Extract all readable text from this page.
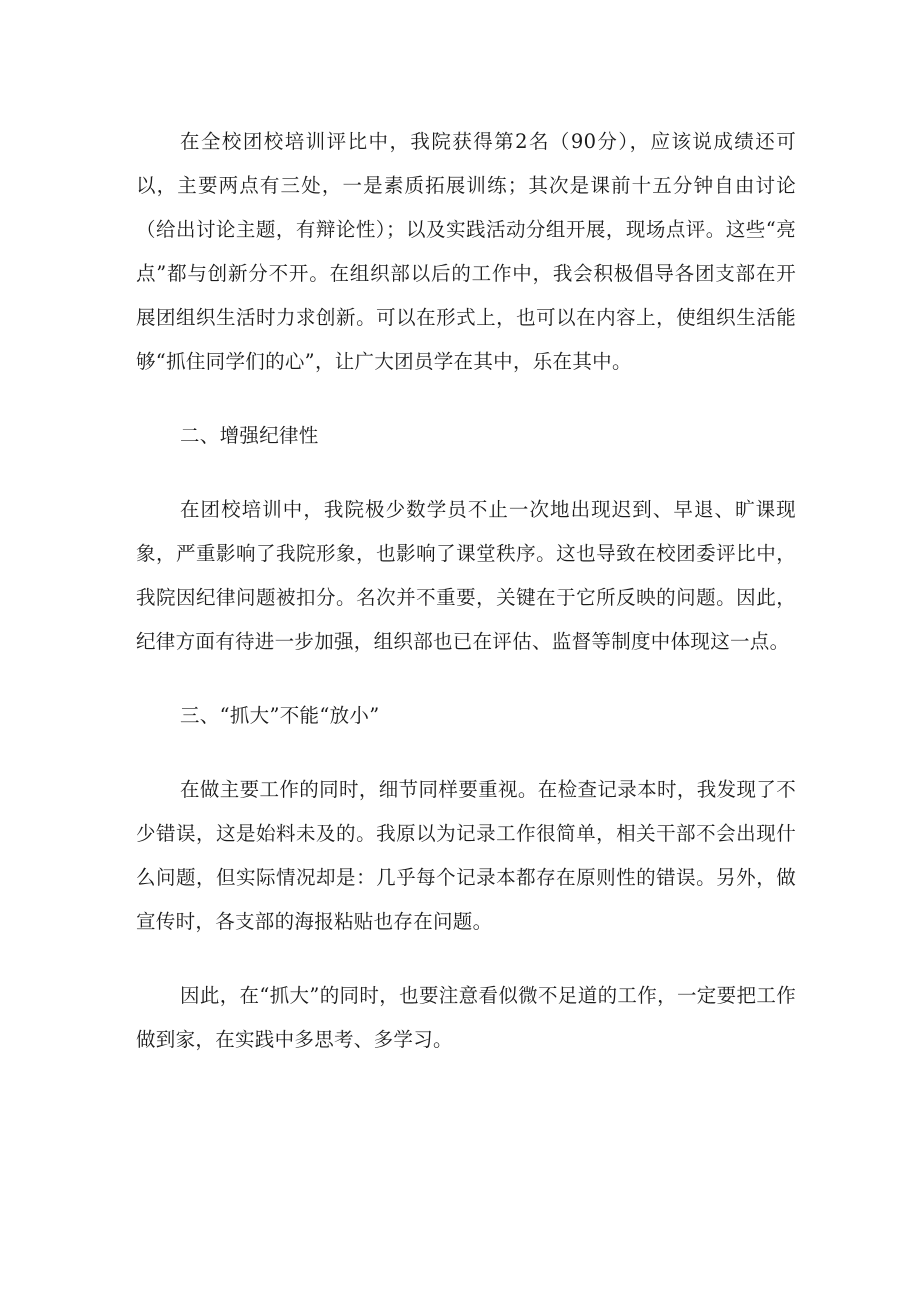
在全校团校培训评比中，我院获得第2名（90分），应该说成绩还可以，主要两点有三处，一是素质拓展训练；其次是课前十五分钟自由讨论（给出讨论主题，有辩论性）；以及实践活动分组开展，现场点评。这些“亮点”都与创新分不开。在组织部以后的工作中，我会积极倡导各团支部在开展团组织生活时力求创新。可以在形式上，也可以在内容上，使组织生活能够“抓住同学们的心”，让广大团员学在其中，乐在其中。

二、增强纪律性

在团校培训中，我院极少数学员不止一次地出现迟到、早退、旷课现象，严重影响了我院形象，也影响了课堂秩序。这也导致在校团委评比中，我院因纪律问题被扣分。名次并不重要，关键在于它所反映的问题。因此，纪律方面有待进一步加强，组织部也已在评估、监督等制度中体现这一点。

三、“抓大”不能“放小”

在做主要工作的同时，细节同样要重视。在检查记录本时，我发现了不少错误，这是始料未及的。我原以为记录工作很简单，相关干部不会出现什么问题，但实际情况却是：几乎每个记录本都存在原则性的错误。另外，做宣传时，各支部的海报粘贴也存在问题。

因此，在“抓大”的同时，也要注意看似微不足道的工作，一定要把工作做到家，在实践中多思考、多学习。
